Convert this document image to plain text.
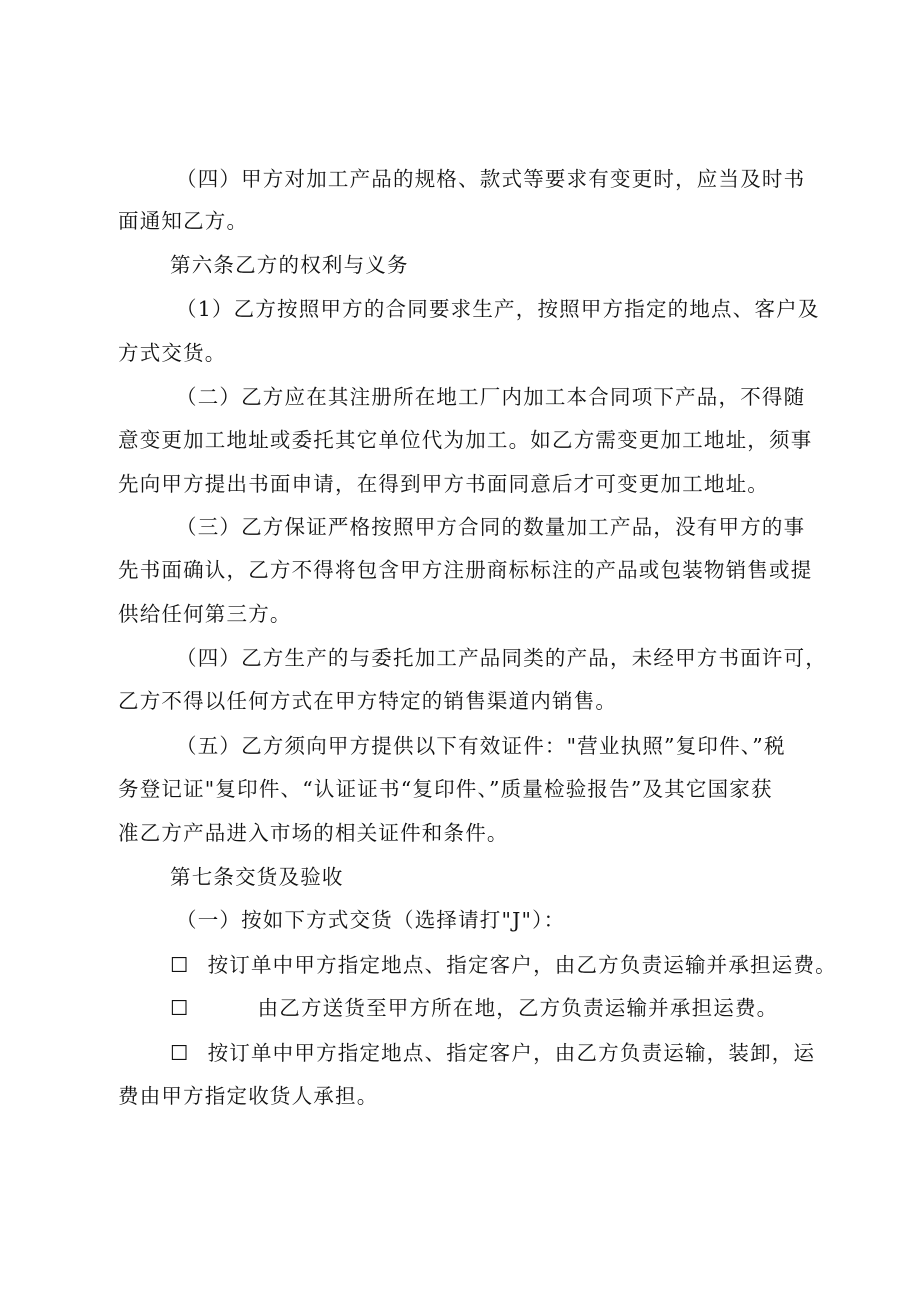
（四）甲方对加工产品的规格、款式等要求有变更时，应当及时书
面通知乙方。
第六条乙方的权利与义务
（1）乙方按照甲方的合同要求生产，按照甲方指定的地点、客户及
方式交货。
（二）乙方应在其注册所在地工厂内加工本合同项下产品，不得随
意变更加工地址或委托其它单位代为加工。如乙方需变更加工地址，须事
先向甲方提出书面申请，在得到甲方书面同意后才可变更加工地址。
（三）乙方保证严格按照甲方合同的数量加工产品，没有甲方的事
先书面确认，乙方不得将包含甲方注册商标标注的产品或包装物销售或提
供给任何第三方。
（四）乙方生产的与委托加工产品同类的产品，未经甲方书面许可，
乙方不得以任何方式在甲方特定的销售渠道内销售。
（五）乙方须向甲方提供以下有效证件："营业执照”复印件、”税
务登记证"复印件、“认证证书“复印件、”质量检验报告”及其它国家获
准乙方产品进入市场的相关证件和条件。
第七条交货及验收
（一）按如下方式交货（选择请打"J"）：
☐ 按订单中甲方指定地点、指定客户，由乙方负责运输并承担运费。
☐	由乙方送货至甲方所在地，乙方负责运输并承担运费。
☐ 按订单中甲方指定地点、指定客户，由乙方负责运输，装卸，运
费由甲方指定收货人承担。
